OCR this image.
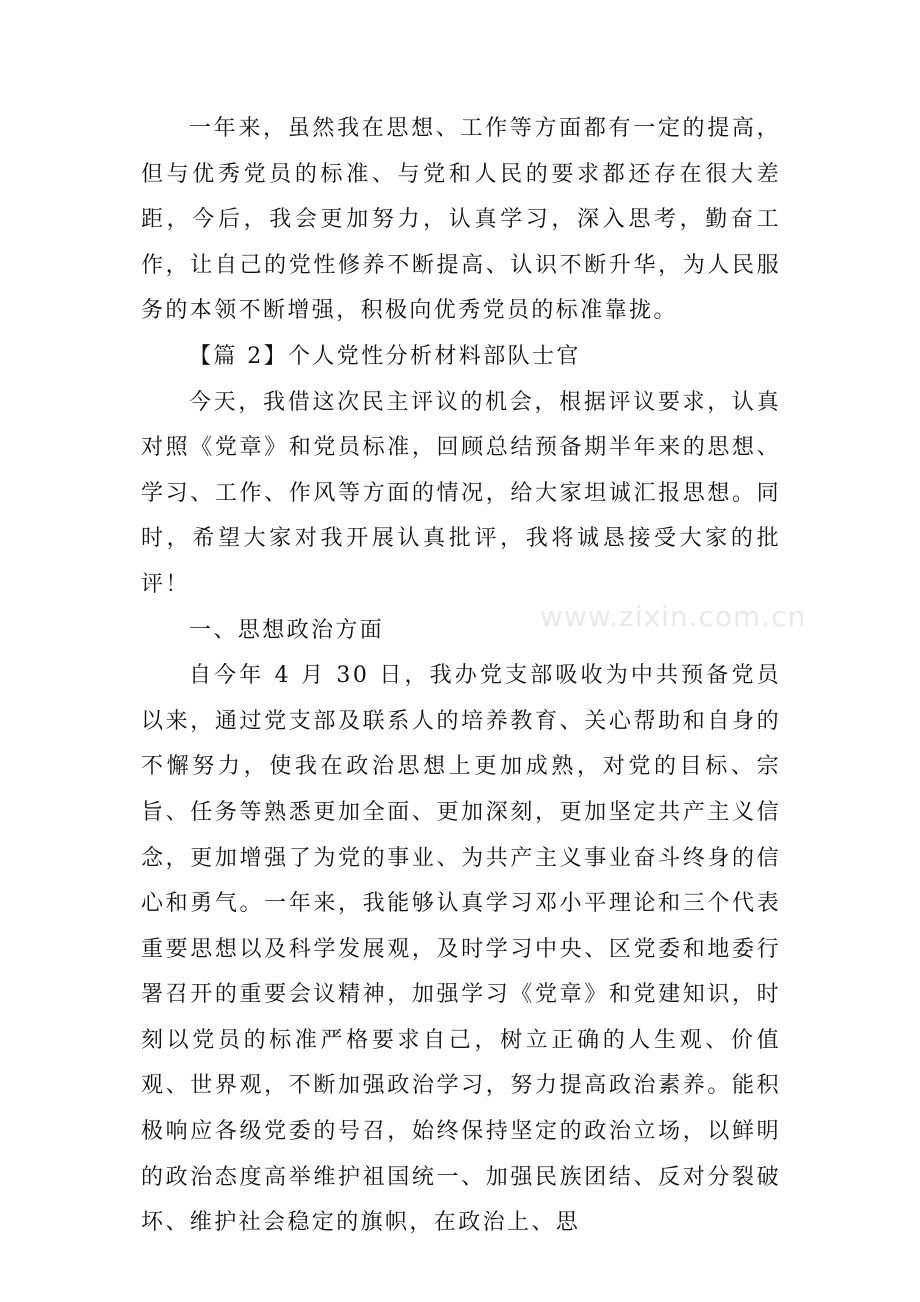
一年来，虽然我在思想、工作等方面都有一定的提高，但与优秀党员的标准、与党和人民的要求都还存在很大差距，今后，我会更加努力，认真学习，深入思考，勤奋工作，让自己的党性修养不断提高、认识不断升华，为人民服务的本领不断增强，积极向优秀党员的标准靠拢。

【篇 2】个人党性分析材料部队士官

今天，我借这次民主评议的机会，根据评议要求，认真对照《党章》和党员标准，回顾总结预备期半年来的思想、学习、工作、作风等方面的情况，给大家坦诚汇报思想。同时，希望大家对我开展认真批评，我将诚恳接受大家的批评！

一、思想政治方面

自今年 4 月 30 日，我办党支部吸收为中共预备党员以来，通过党支部及联系人的培养教育、关心帮助和自身的不懈努力，使我在政治思想上更加成熟，对党的目标、宗旨、任务等熟悉更加全面、更加深刻，更加坚定共产主义信念，更加增强了为党的事业、为共产主义事业奋斗终身的信心和勇气。一年来，我能够认真学习邓小平理论和三个代表重要思想以及科学发展观，及时学习中央、区党委和地委行署召开的重要会议精神，加强学习《党章》和党建知识，时刻以党员的标准严格要求自己，树立正确的人生观、价值观、世界观，不断加强政治学习，努力提高政治素养。能积极响应各级党委的号召，始终保持坚定的政治立场，以鲜明的政治态度高举维护祖国统一、加强民族团结、反对分裂破坏、维护社会稳定的旗帜，在政治上、思

www.zixin.com.cn
